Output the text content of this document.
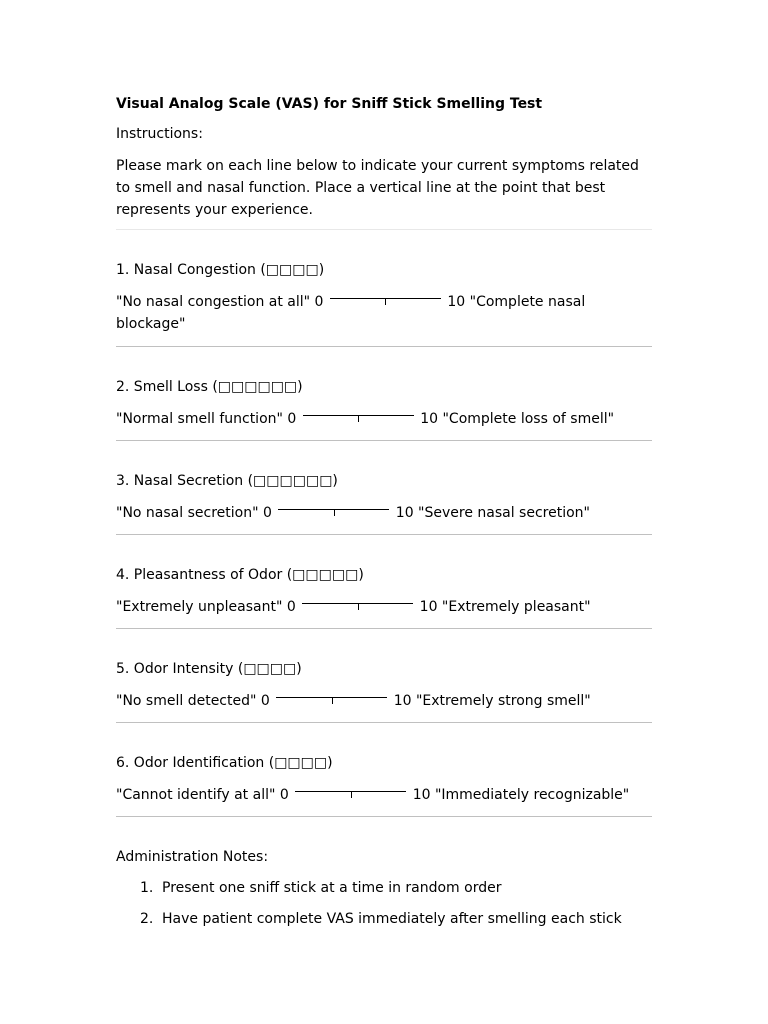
Visual Analog Scale (VAS) for Sniff Stick Smelling Test
Instructions:
Please mark on each line below to indicate your current symptoms related to smell and nasal function. Place a vertical line at the point that best represents your experience.
1. Nasal Congestion (□□□□)
"No nasal congestion at all" 0	10 "Complete nasal blockage"
2. Smell Loss (□□□□□□)
"Normal smell function" 0	10 "Complete loss of smell"
3. Nasal Secretion (□□□□□□)
"No nasal secretion" 0	10 "Severe nasal secretion"
4. Pleasantness of Odor (□□□□□)
"Extremely unpleasant" 0	10 "Extremely pleasant"
5. Odor Intensity (□□□□)
"No smell detected" 0	10 "Extremely strong smell"
6. Odor Identification (□□□□)
"Cannot identify at all" 0	10 "Immediately recognizable"
Administration Notes:
1. Present one sniff stick at a time in random order
2. Have patient complete VAS immediately after smelling each stick
